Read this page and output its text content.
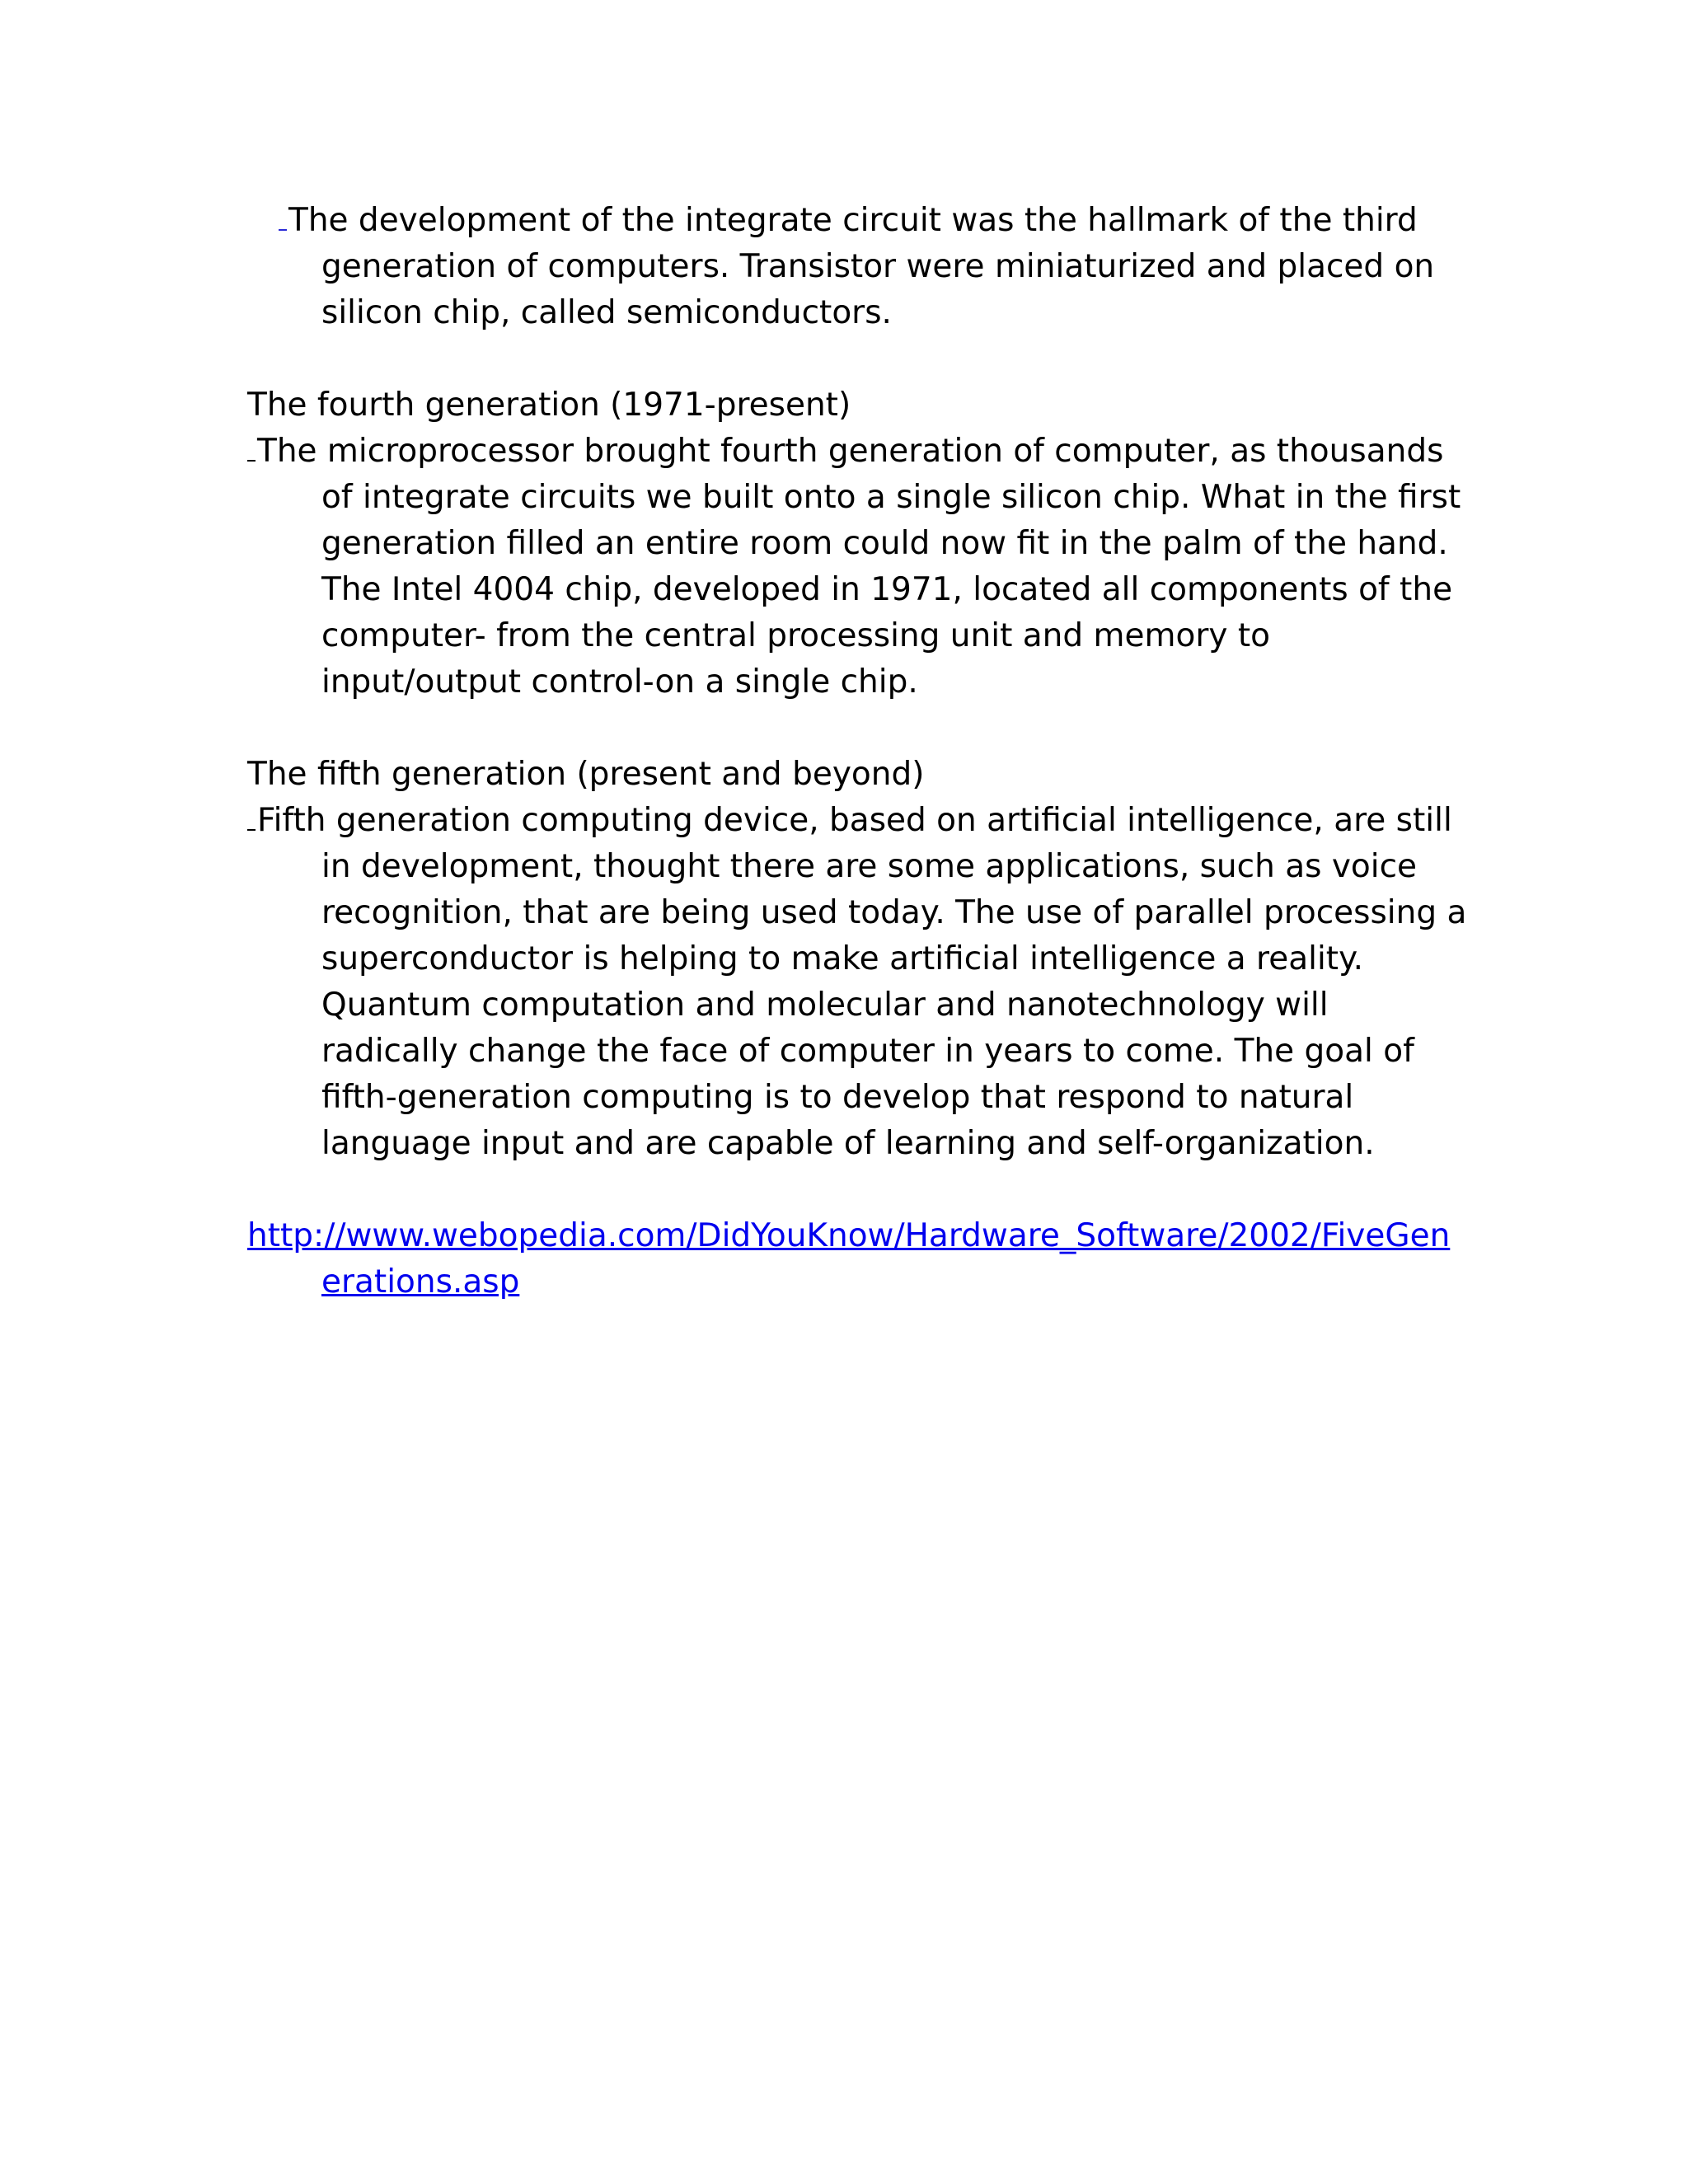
The development of the integrate circuit was the hallmark of the third generation of computers. Transistor were miniaturized and placed on silicon chip, called semiconductors.

The fourth generation (1971-present)

The microprocessor brought fourth generation of computer, as thousands of integrate circuits we built onto a single silicon chip. What in the first generation filled an entire room could now fit in the palm of the hand. The Intel 4004 chip, developed in 1971, located all components of the computer- from the central processing unit and memory to input/output control-on a single chip.

The fifth generation (present and beyond)

Fifth generation computing device, based on artificial intelligence, are still in development, thought there are some applications, such as voice recognition, that are being used today. The use of parallel processing a superconductor is helping to make artificial intelligence a reality. Quantum computation and molecular and nanotechnology will radically change the face of computer in years to come. The goal of fifth-generation computing is to develop that respond to natural language input and are capable of learning and self-organization.

http://www.webopedia.com/DidYouKnow/Hardware_Software/2002/FiveGenerations.asp
